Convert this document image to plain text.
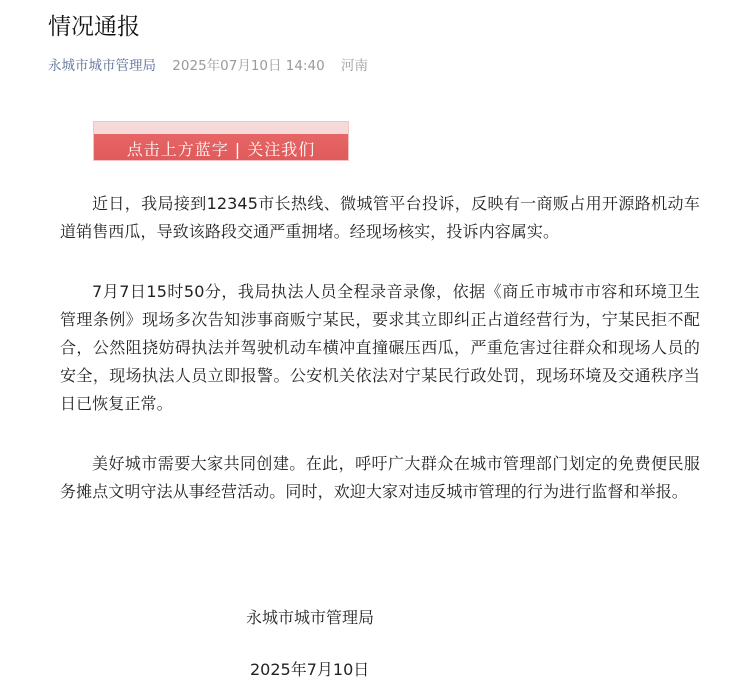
情况通报
永城市城市管理局 2025年07月10日 14:40 河南
点击上方蓝字 | 关注我们

近日，我局接到12345市长热线、微城管平台投诉，反映有一商贩占用开源路机动车道销售西瓜，导致该路段交通严重拥堵。经现场核实，投诉内容属实。

7月7日15时50分，我局执法人员全程录音录像，依据《商丘市城市市容和环境卫生管理条例》现场多次告知涉事商贩宁某民，要求其立即纠正占道经营行为，宁某民拒不配合，公然阻挠妨碍执法并驾驶机动车横冲直撞碾压西瓜，严重危害过往群众和现场人员的安全，现场执法人员立即报警。公安机关依法对宁某民行政处罚，现场环境及交通秩序当日已恢复正常。

美好城市需要大家共同创建。在此，呼吁广大群众在城市管理部门划定的免费便民服务摊点文明守法从事经营活动。同时，欢迎大家对违反城市管理的行为进行监督和举报。

永城市城市管理局
2025年7月10日
